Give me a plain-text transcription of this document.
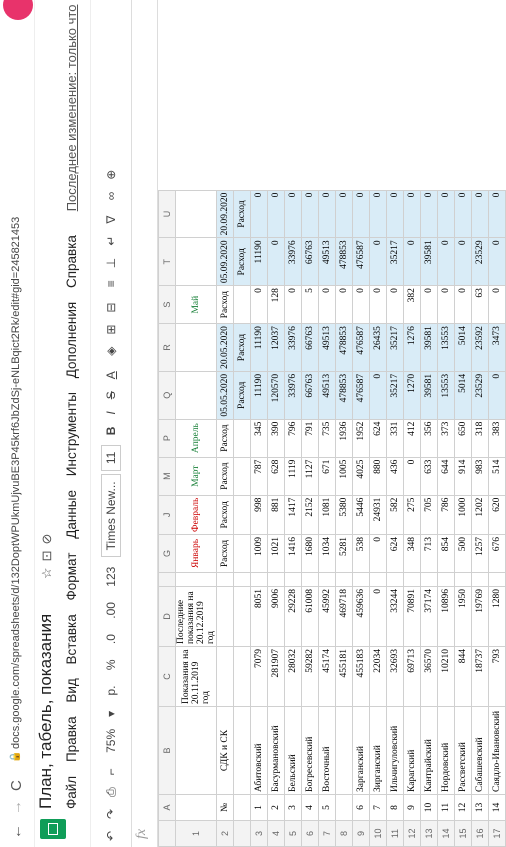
←
→
C
🔒
docs.google.com/spreadsheets/d/132DoptWPUkmUjvuBE3P45krf6JbZdSj-eNLBqict2Rk/edit#gid=245821453 План, табель, показания
☆⊡⊘
Файл Правка Вид Вставка Формат Данные Инструменты Дополнения Справка Последнее изменение: только что
↶↷⎙⌐ 75%▾ р. % .0 .00 123 Times New... 11 BISA ◈⊞⊟ ≡⊥↵∇ ∞⊕
fx
	A	B	C	D		G	J	M	P	Q	R	S	T	U
1			Показания на 20.11.2019 год	Последние показания на 20.12.2019 год		Январь	Февраль	Март	Апрель			Май		
2	№	СДК и СК				Расход	Расход	Расход	Расход	05.05.2020	20.05.2020	Расход	05.09.2020	20.09.2020
										Расход	Расход		Расход	Расход
3	1	Абитовский	7079	8051		1009	998	787	345	11190	11190	0	11190	0
4	2	Басурмановский	281907	9006		1021	881	628	390	120570	12037	128	0	0
5	3	Бельский	28032	29228		1416	1417	1119	796	33976	33976	0	33976	0
6	4	Богресевский	59282	61008		1680	2152	1127	791	66763	66763	5	66763	0
7	5	Восточный	45174	45992		1034	1081	671	735	49513	49513	0	49513	0
8			455181	469718		5281	5380	1005	1936	478853	478853	0	478853	0
9	6	Зарганский	455183	459636		538	5446	4025	1952	476587	476587	0	476587	0
10	7	Зирганский	22034	0		0	24931	880	624	0	26435	0	0	0
11	8	Ильчигуловский	32693	33244		624	582	436	331	35217	35217	0	35217	0
12	9	Карагский	69713	70891		348	275	0	412	1270	1276	382	0	0
13	10	Кантрайский	36570	37174		713	705	633	356	39581	39581	0	39581	0
14	11	Нордовский	10210	10896		854	786	644	373	13553	13553	0	0	0
15	12	Рассветский	844	1950		500	1000	914	650	5014	5014	0	0	0
16	13	Сабашевский	18737	19769		1257	1202	983	318	23529	23592	63	23529	0
17	14	Саядло-Ивановский	793	1280		676	620	514	383	0	3473	0	0	0
